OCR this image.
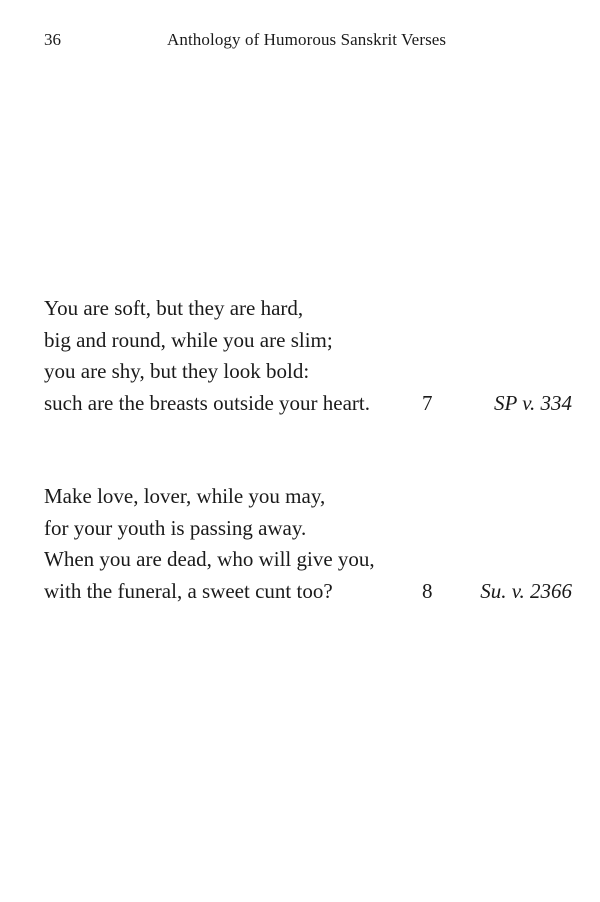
36	Anthology of Humorous Sanskrit Verses
You are soft, but they are hard,
big and round, while you are slim;
you are shy, but they look bold:
such are the breasts outside your heart. 7	SP v. 334
Make love, lover, while you may,
for your youth is passing away.
When you are dead, who will give you,
with the funeral, a sweet cunt too?	8 Su. v. 2366
